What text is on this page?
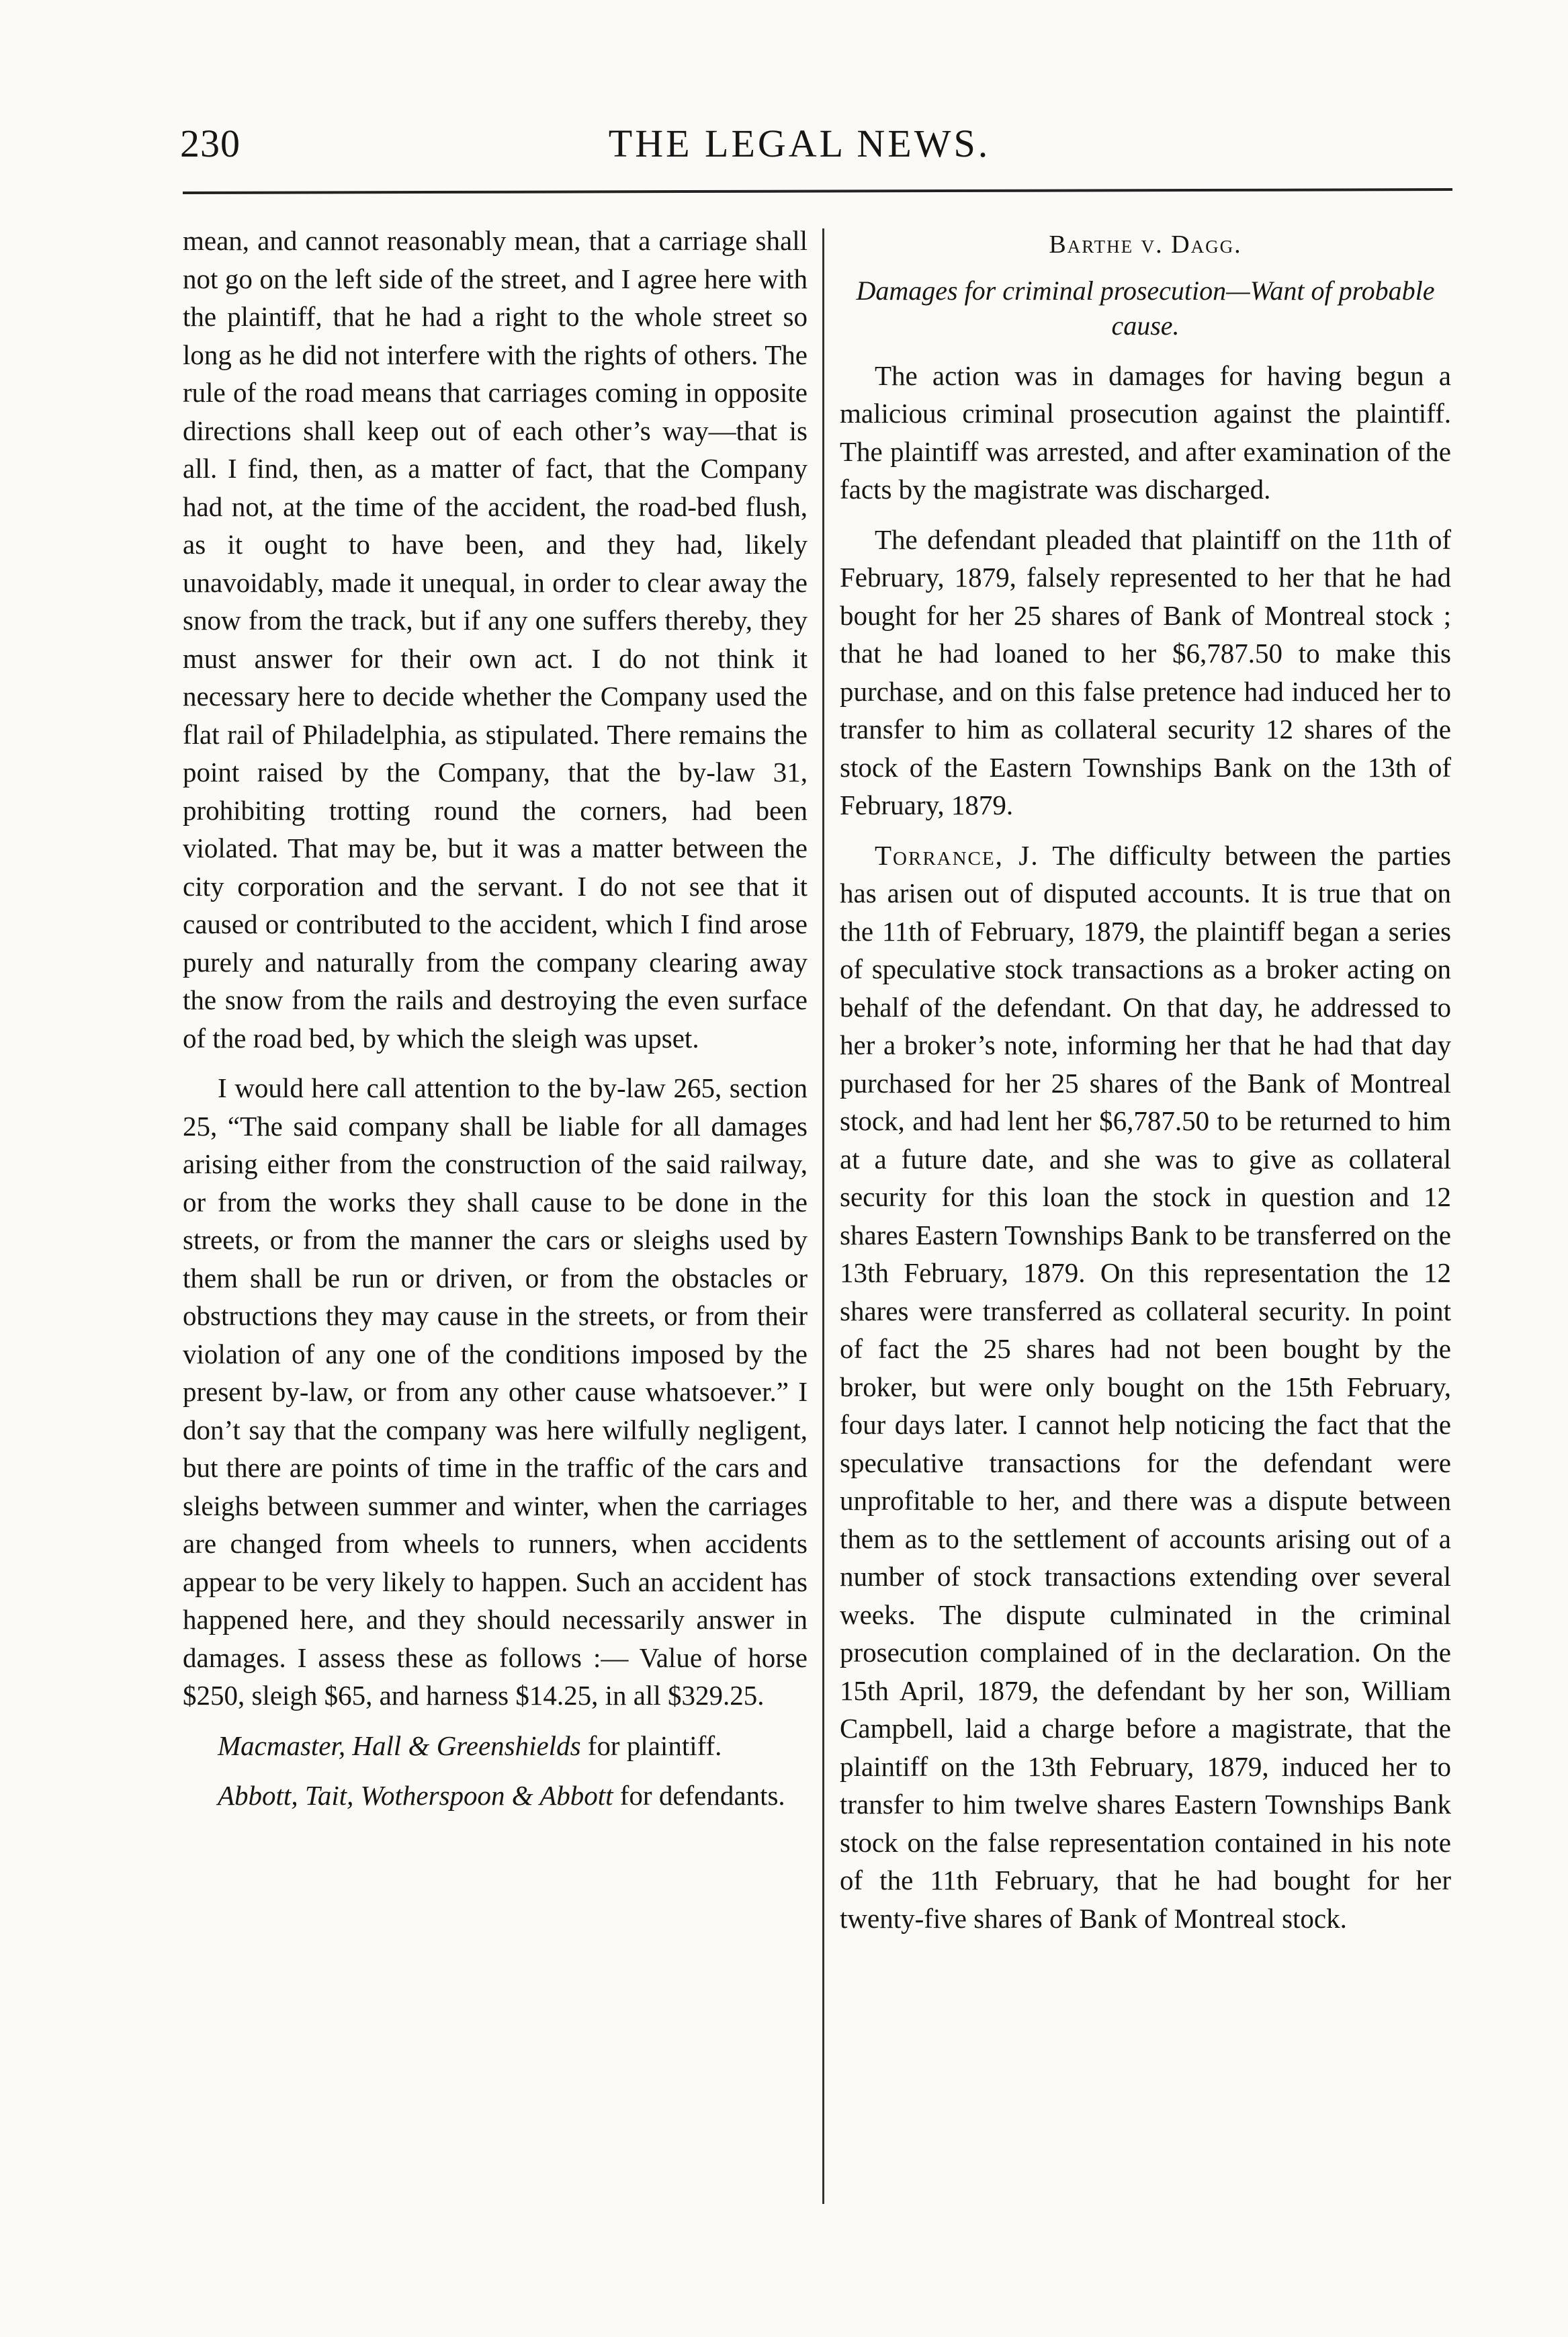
230	THE LEGAL NEWS.

mean, and cannot reasonably mean, that a carriage shall not go on the left side of the street, and I agree here with the plaintiff, that he had a right to the whole street so long as he did not interfere with the rights of others. The rule of the road means that carriages coming in opposite directions shall keep out of each other’s way—that is all. I find, then, as a matter of fact, that the Company had not, at the time of the accident, the road-bed flush, as it ought to have been, and they had, likely unavoidably, made it unequal, in order to clear away the snow from the track, but if any one suffers thereby, they must answer for their own act. I do not think it necessary here to decide whether the Company used the flat rail of Philadelphia, as stipulated. There remains the point raised by the Company, that the by-law 31, prohibiting trotting round the corners, had been violated. That may be, but it was a matter between the city corporation and the servant. I do not see that it caused or contributed to the accident, which I find arose purely and naturally from the company clearing away the snow from the rails and destroying the even surface of the road bed, by which the sleigh was upset.

I would here call attention to the by-law 265, section 25, “The said company shall be liable for all damages arising either from the construction of the said railway, or from the works they shall cause to be done in the streets, or from the manner the cars or sleighs used by them shall be run or driven, or from the obstacles or obstructions they may cause in the streets, or from their violation of any one of the conditions imposed by the present by-law, or from any other cause whatsoever.” I don’t say that the company was here wilfully negligent, but there are points of time in the traffic of the cars and sleighs between summer and winter, when the carriages are changed from wheels to runners, when accidents appear to be very likely to happen. Such an accident has happened here, and they should necessarily answer in damages. I assess these as follows :— Value of horse $250, sleigh $65, and harness $14.25, in all $329.25.

Macmaster, Hall & Greenshields for plaintiff.

Abbott, Tait, Wotherspoon & Abbott for defendants.

Barthe v. Dagg.
Damages for criminal prosecution—Want of probable cause.

The action was in damages for having begun a malicious criminal prosecution against the plaintiff. The plaintiff was arrested, and after examination of the facts by the magistrate was discharged.

The defendant pleaded that plaintiff on the 11th of February, 1879, falsely represented to her that he had bought for her 25 shares of Bank of Montreal stock ; that he had loaned to her $6,787.50 to make this purchase, and on this false pretence had induced her to transfer to him as collateral security 12 shares of the stock of the Eastern Townships Bank on the 13th of February, 1879.

Torrance, J. The difficulty between the parties has arisen out of disputed accounts. It is true that on the 11th of February, 1879, the plaintiff began a series of speculative stock transactions as a broker acting on behalf of the defendant. On that day, he addressed to her a broker’s note, informing her that he had that day purchased for her 25 shares of the Bank of Montreal stock, and had lent her $6,787.50 to be returned to him at a future date, and she was to give as collateral security for this loan the stock in question and 12 shares Eastern Townships Bank to be transferred on the 13th February, 1879. On this representation the 12 shares were transferred as collateral security. In point of fact the 25 shares had not been bought by the broker, but were only bought on the 15th February, four days later. I cannot help noticing the fact that the speculative transactions for the defendant were unprofitable to her, and there was a dispute between them as to the settlement of accounts arising out of a number of stock transactions extending over several weeks. The dispute culminated in the criminal prosecution complained of in the declaration. On the 15th April, 1879, the defendant by her son, William Campbell, laid a charge before a magistrate, that the plaintiff on the 13th February, 1879, induced her to transfer to him twelve shares Eastern Townships Bank stock on the false representation contained in his note of the 11th February, that he had bought for her twenty-five shares of Bank of Montreal stock.
